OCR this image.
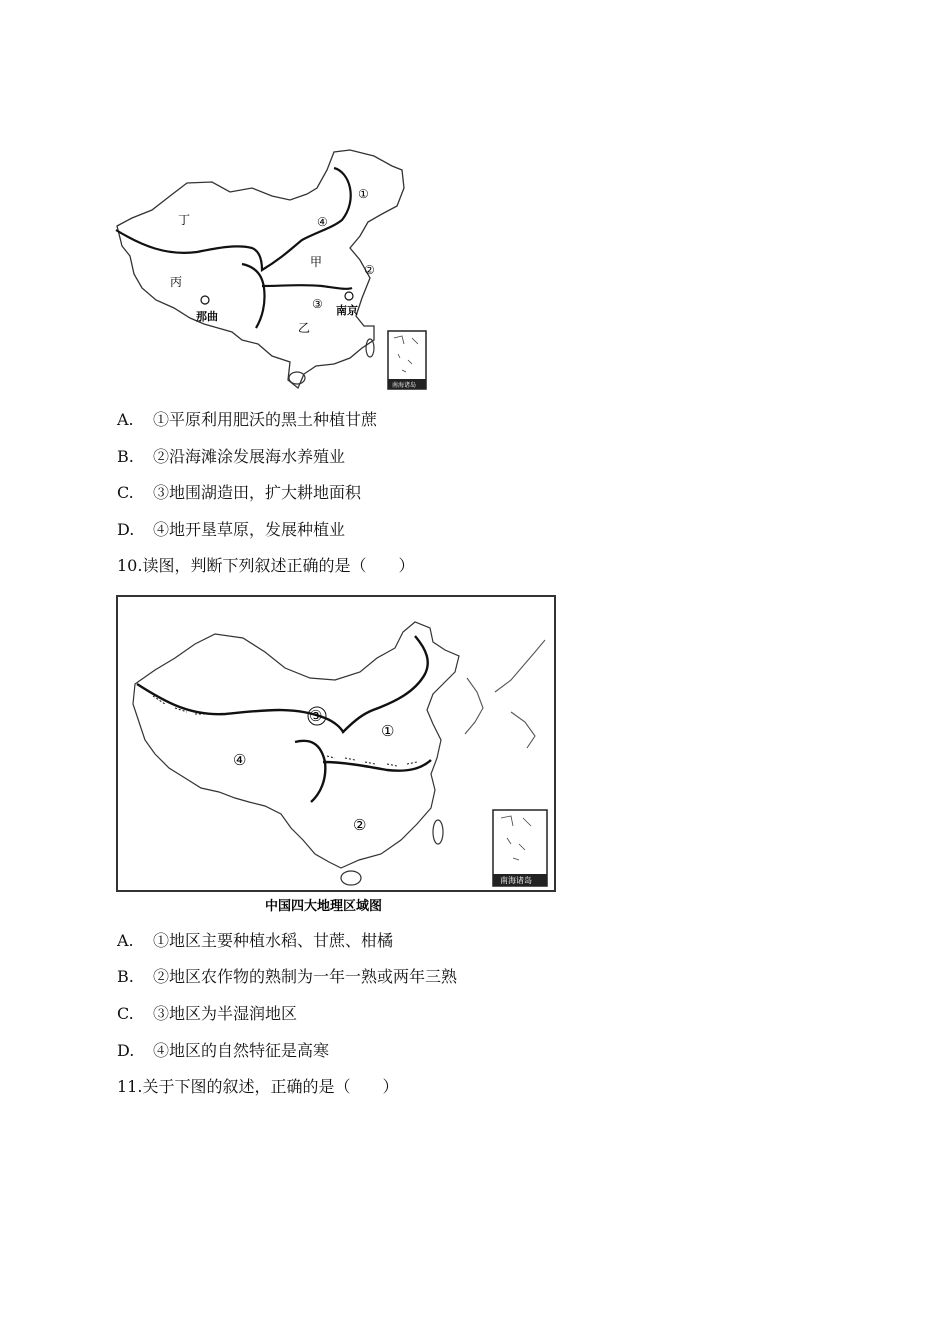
丁
丙
甲
乙
①
②
③
④
那曲	南京
南海诸岛
A. ①平原利用肥沃的黑土种植甘蔗
B. ②沿海滩涂发展海水养殖业
C. ③地围湖造田，扩大耕地面积
D. ④地开垦草原，发展种植业
10.读图，判断下列叙述正确的是（　　）
③
①
④
②
南海诸岛
中国四大地理区域图
A. ①地区主要种植水稻、甘蔗、柑橘
B. ②地区农作物的熟制为一年一熟或两年三熟
C. ③地区为半湿润地区
D. ④地区的自然特征是高寒
11.关于下图的叙述，正确的是（　　）
